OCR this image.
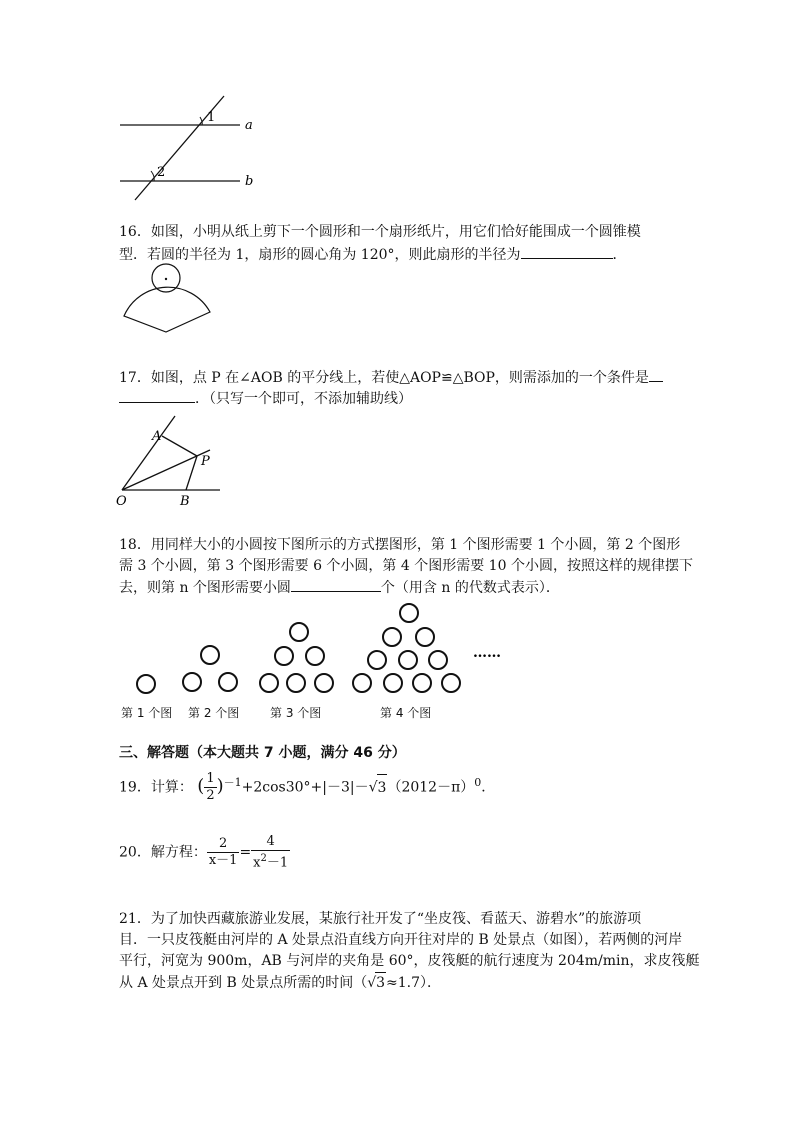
1
2
a
b
16．如图，小明从纸上剪下一个圆形和一个扇形纸片，用它们恰好能围成一个圆锥模
型．若圆的半径为 1，扇形的圆心角为 120°，则此扇形的半径为	．
17．如图，点 P 在∠AOB 的平分线上，若使△AOP≌△BOP，则需添加的一个条件是
．（只写一个即可，不添加辅助线）
A
P
O	B
18．用同样大小的小圆按下图所示的方式摆图形，第 1 个图形需要 1 个小圆，第 2 个图形
需 3 个小圆，第 3 个图形需要 6 个小圆，第 4 个图形需要 10 个小圆，按照这样的规律摆下
去，则第 n 个图形需要小圆	个（用含 n 的代数式表示）．
……
第 1 个图 第 2 个图	第 3 个图	第 4 个图
三、解答题（本大题共 7 小题，满分 46 分）
19．计算： ( $\frac{1}{2} )^{-1}+2\cos 30^\circ+|-3|-√3(2012-\pi)^0$．
20．解方程： $\frac{2}{x-1} = \frac{4}{x^2-1}$
21．为了加快西藏旅游业发展，某旅行社开发了“坐皮筏、看蓝天、游碧水”的旅游项
目．一只皮筏艇由河岸的 A 处景点沿直线方向开往对岸的 B 处景点（如图），若两侧的河岸
平行，河宽为 900m，AB 与河岸的夹角是 60°，皮筏艇的航行速度为 204m/min，求皮筏艇
从 A 处景点开到 B 处景点所需的时间（√3≈1.7）．
